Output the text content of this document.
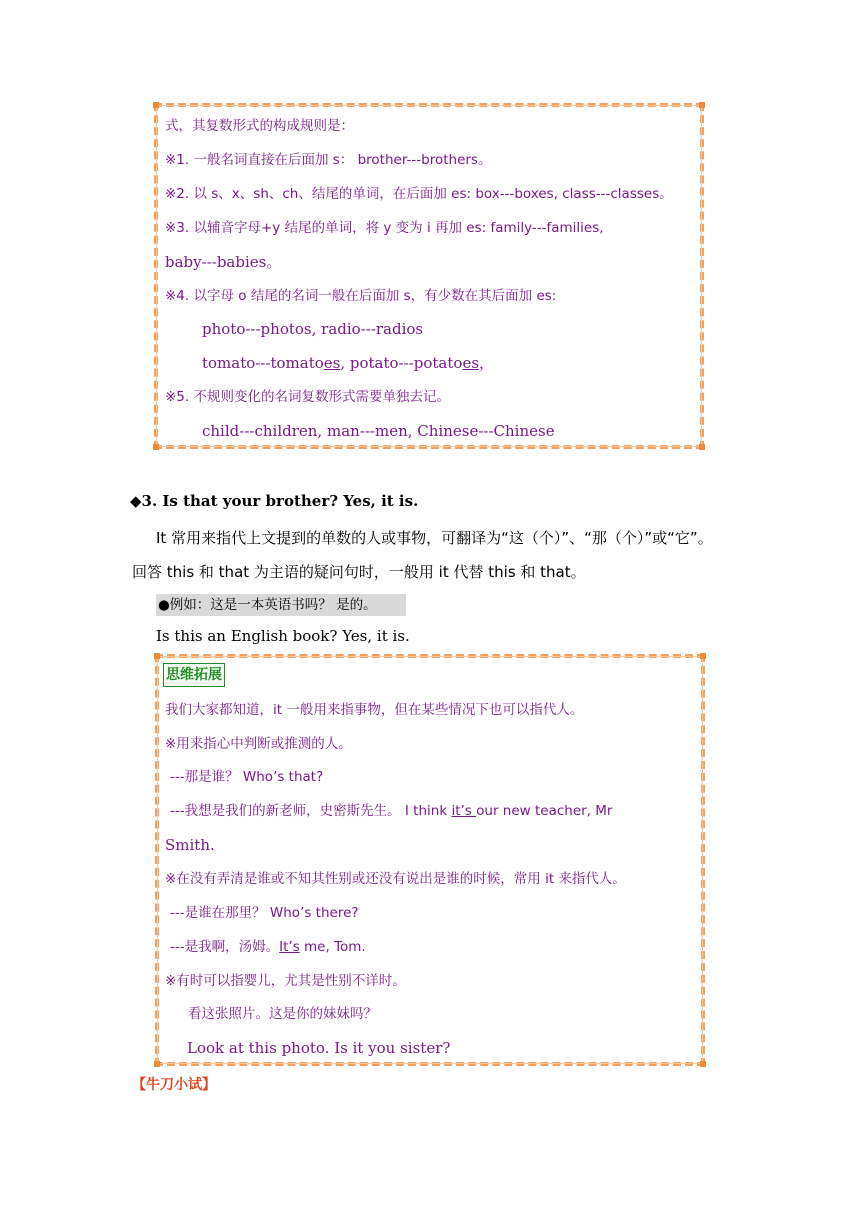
式，其复数形式的构成规则是：
※1. 一般名词直接在后面加 s： brother---brothers。
※2. 以 s、x、sh、ch、结尾的单词，在后面加 es: box---boxes, class---classes。
※3. 以辅音字母+y 结尾的单词，将 y 变为 i 再加 es: family---families,
baby---babies。
※4. 以字母 o 结尾的名词一般在后面加 s，有少数在其后面加 es:
photo---photos, radio---radios
tomato---tomatoes, potato---potatoes，
※5. 不规则变化的名词复数形式需要单独去记。
child---children, man---men, Chinese---Chinese
◆3. Is that your brother? Yes, it is.
It 常用来指代上文提到的单数的人或事物，可翻译为“这（个）”、“那（个）”或“它”。
回答 this 和 that 为主语的疑问句时，一般用 it 代替 this 和 that。
●例如：这是一本英语书吗？ 是的。
Is this an English book? Yes, it is.
思维拓展
我们大家都知道，it 一般用来指事物，但在某些情况下也可以指代人。
※用来指心中判断或推测的人。
---那是谁？ Who’s that?
---我想是我们的新老师，史密斯先生。 I think it’s our new teacher, Mr
Smith.
※在没有弄清是谁或不知其性别或还没有说出是谁的时候，常用 it 来指代人。
---是谁在那里？ Who’s there?
---是我啊，汤姆。It’s me, Tom.
※有时可以指婴儿，尤其是性别不详时。
看这张照片。这是你的妹妹吗？
Look at this photo. Is it you sister?
【牛刀小试】
